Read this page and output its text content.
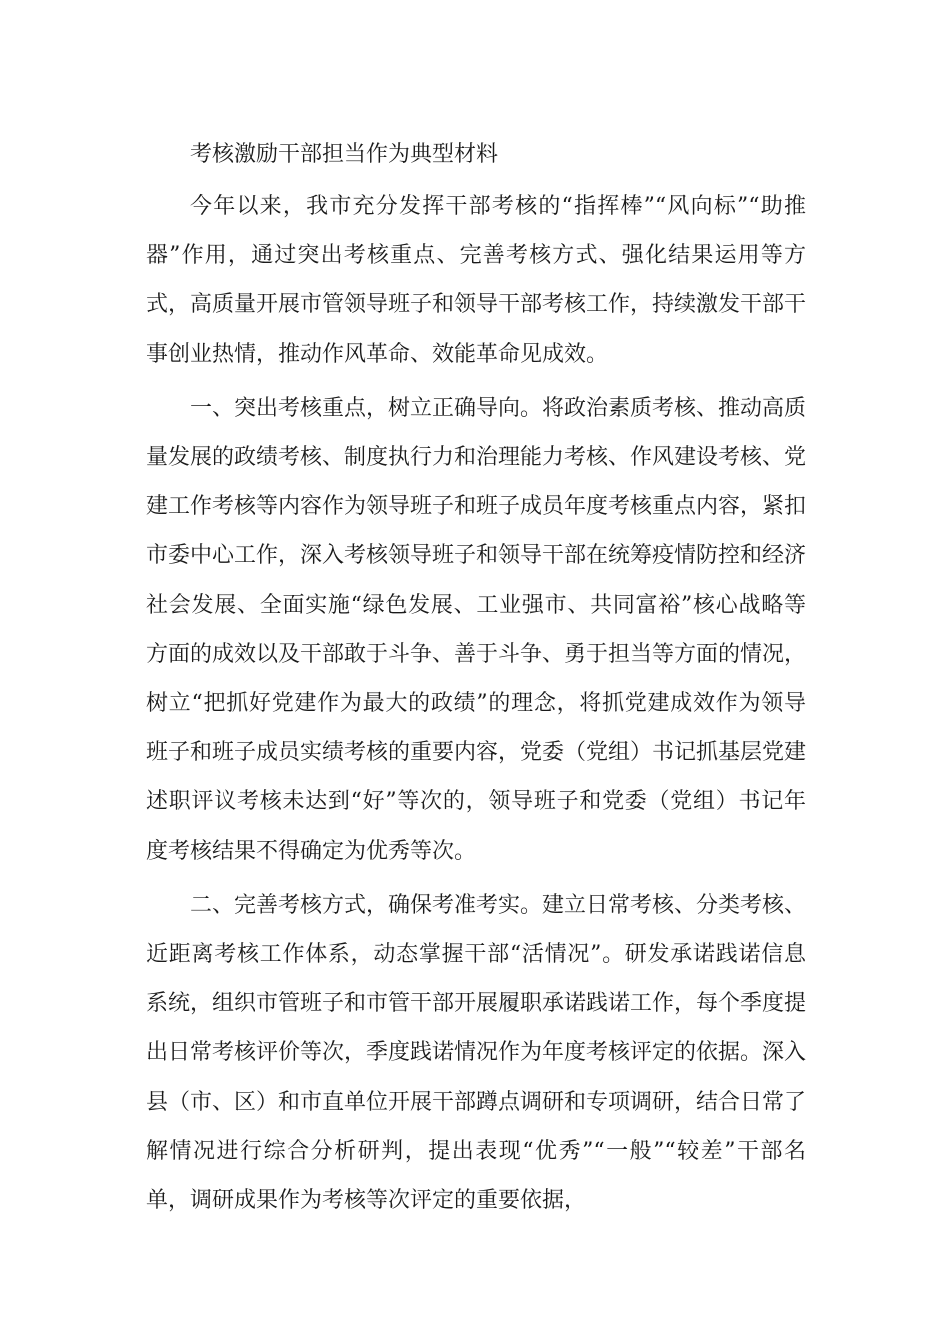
考核激励干部担当作为典型材料

今年以来，我市充分发挥干部考核的“指挥棒”“风向标”“助推器”作用，通过突出考核重点、完善考核方式、强化结果运用等方式，高质量开展市管领导班子和领导干部考核工作，持续激发干部干事创业热情，推动作风革命、效能革命见成效。

一、突出考核重点，树立正确导向。将政治素质考核、推动高质量发展的政绩考核、制度执行力和治理能力考核、作风建设考核、党建工作考核等内容作为领导班子和班子成员年度考核重点内容，紧扣市委中心工作，深入考核领导班子和领导干部在统筹疫情防控和经济社会发展、全面实施“绿色发展、工业强市、共同富裕”核心战略等方面的成效以及干部敢于斗争、善于斗争、勇于担当等方面的情况，树立“把抓好党建作为最大的政绩”的理念，将抓党建成效作为领导班子和班子成员实绩考核的重要内容，党委（党组）书记抓基层党建述职评议考核未达到“好”等次的，领导班子和党委（党组）书记年度考核结果不得确定为优秀等次。

二、完善考核方式，确保考准考实。建立日常考核、分类考核、近距离考核工作体系，动态掌握干部“活情况”。研发承诺践诺信息系统，组织市管班子和市管干部开展履职承诺践诺工作，每个季度提出日常考核评价等次，季度践诺情况作为年度考核评定的依据。深入县（市、区）和市直单位开展干部蹲点调研和专项调研，结合日常了解情况进行综合分析研判，提出表现“优秀”“一般”“较差”干部名单，调研成果作为考核等次评定的重要依据，
